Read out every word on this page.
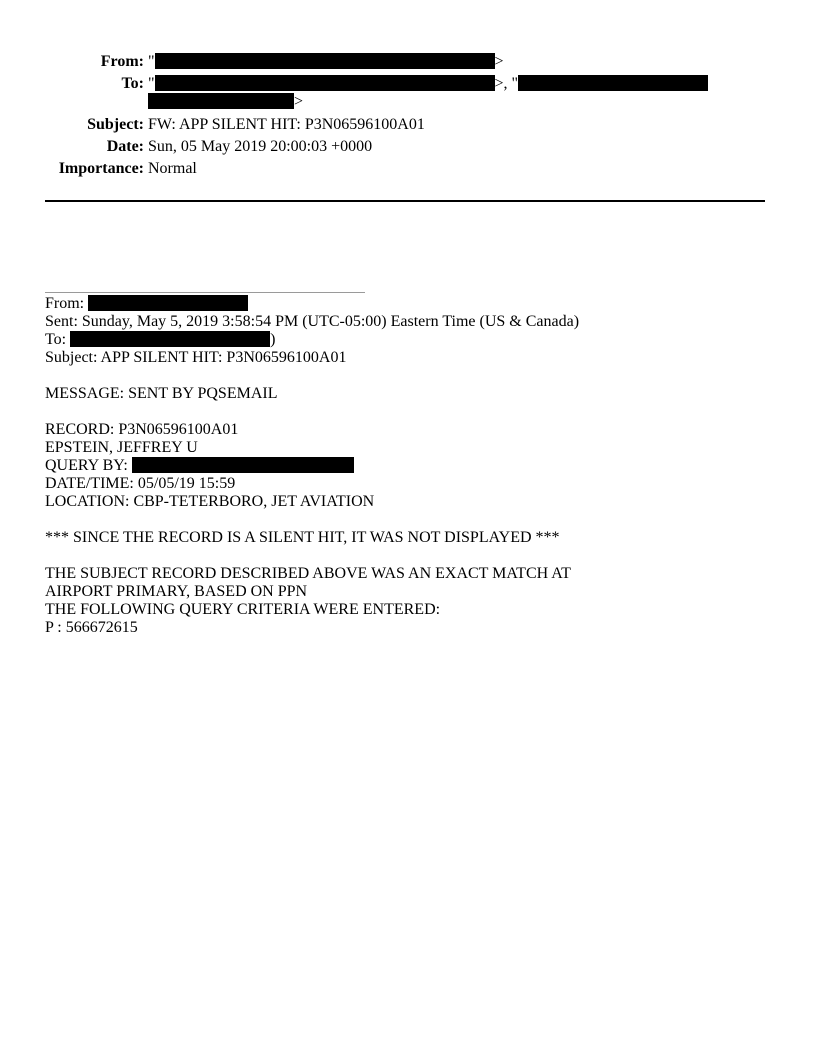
From: "	>
To: "	>, "
>
Subject: FW: APP SILENT HIT: P3N06596100A01
Date: Sun, 05 May 2019 20:00:03 +0000
Importance: Normal
From:
Sent: Sunday, May 5, 2019 3:58:54 PM (UTC-05:00) Eastern Time (US & Canada)
To:	)
Subject: APP SILENT HIT: P3N06596100A01
MESSAGE: SENT BY PQSEMAIL
RECORD: P3N06596100A01
EPSTEIN, JEFFREY U
QUERY BY:
DATE/TIME: 05/05/19 15:59
LOCATION: CBP-TETERBORO, JET AVIATION
*** SINCE THE RECORD IS A SILENT HIT, IT WAS NOT DISPLAYED ***
THE SUBJECT RECORD DESCRIBED ABOVE WAS AN EXACT MATCH AT
AIRPORT PRIMARY, BASED ON PPN
THE FOLLOWING QUERY CRITERIA WERE ENTERED:
P : 566672615
